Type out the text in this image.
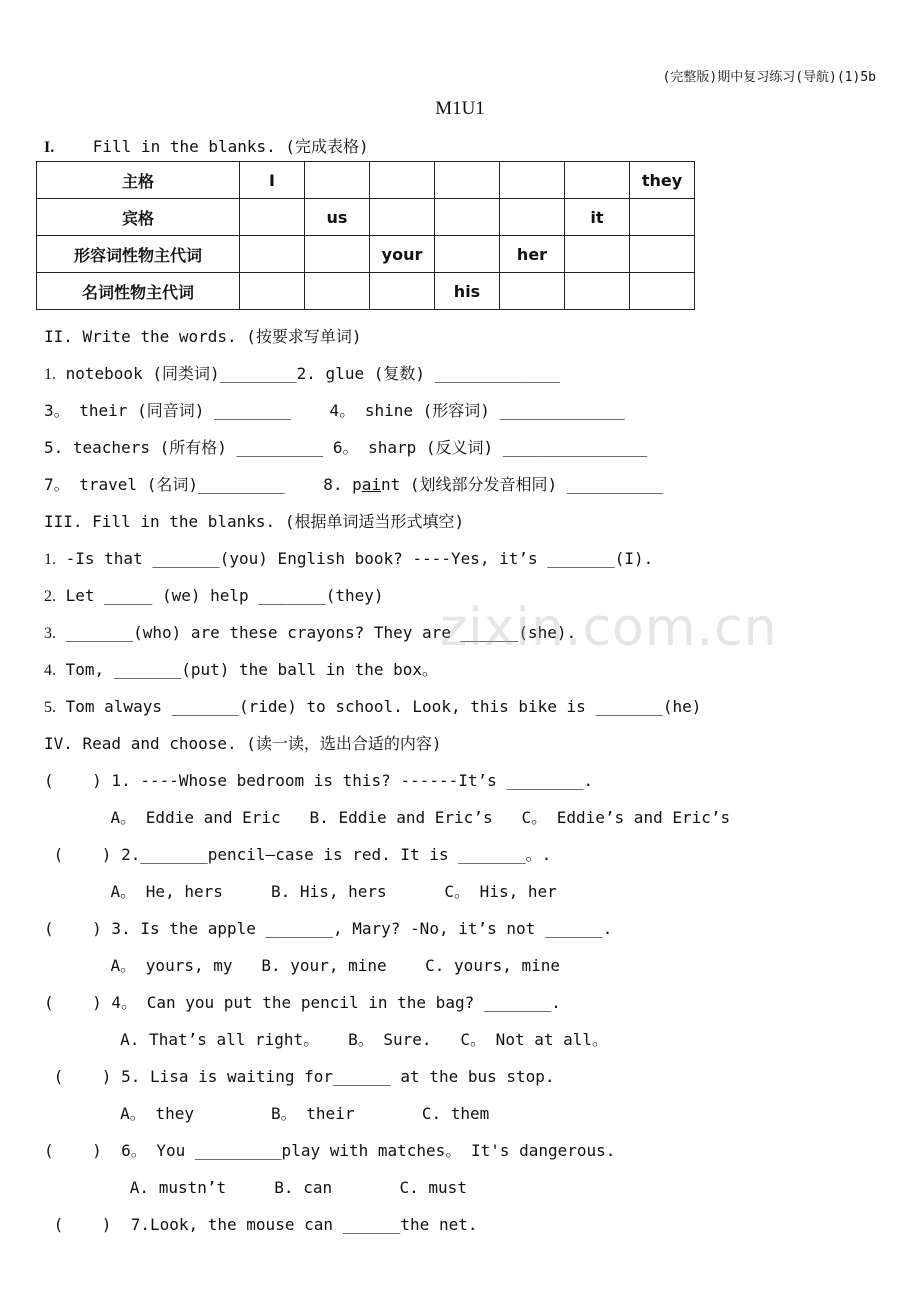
(完整版)期中复习练习(导航)(1)5b
M1U1
I. Fill in the blanks. (完成表格)
主格	I						they
宾格		us				it	
形容词性物主代词			your		her		
名词性物主代词				his			
II. Write the words. (按要求写单词)
1. notebook (同类词)________2. glue (复数) _____________
3。 their (同音词) ________    4。 shine (形容词) _____________
5. teachers (所有格) _________ 6。 sharp (反义词) _______________
7。 travel (名词)_________    8. paint (划线部分发音相同) __________
III. Fill in the blanks. (根据单词适当形式填空)
1. -Is that _______(you) English book? ----Yes, it’s _______(I).
2. Let _____ (we) help _______(they)
3. _______(who) are these crayons? They are ______(she).
4. Tom, _______(put) the ball in the box。
5. Tom always _______(ride) to school. Look, this bike is _______(he)
IV. Read and choose. (读一读，选出合适的内容)
(    ) 1. ----Whose bedroom is this? ------It’s ________.
A。 Eddie and Eric   B. Eddie and Eric’s   C。 Eddie’s and Eric’s
(    ) 2._______pencil—case is red. It is _______。.
A。 He, hers     B. His, hers      C。 His, her
(    ) 3. Is the apple _______, Mary? -No, it’s not ______.
A。 yours, my   B. your, mine    C. yours, mine
(    ) 4。 Can you put the pencil in the bag? _______.
A. That’s all right。   B。 Sure.   C。 Not at all。
(    ) 5. Lisa is waiting for______ at the bus stop.
A。 they        B。 their       C. them
(    )  6。 You _________play with matches。 It's dangerous.
A. mustn’t     B. can       C. must
(    )  7.Look, the mouse can ______the net.
zixin.com.cn
